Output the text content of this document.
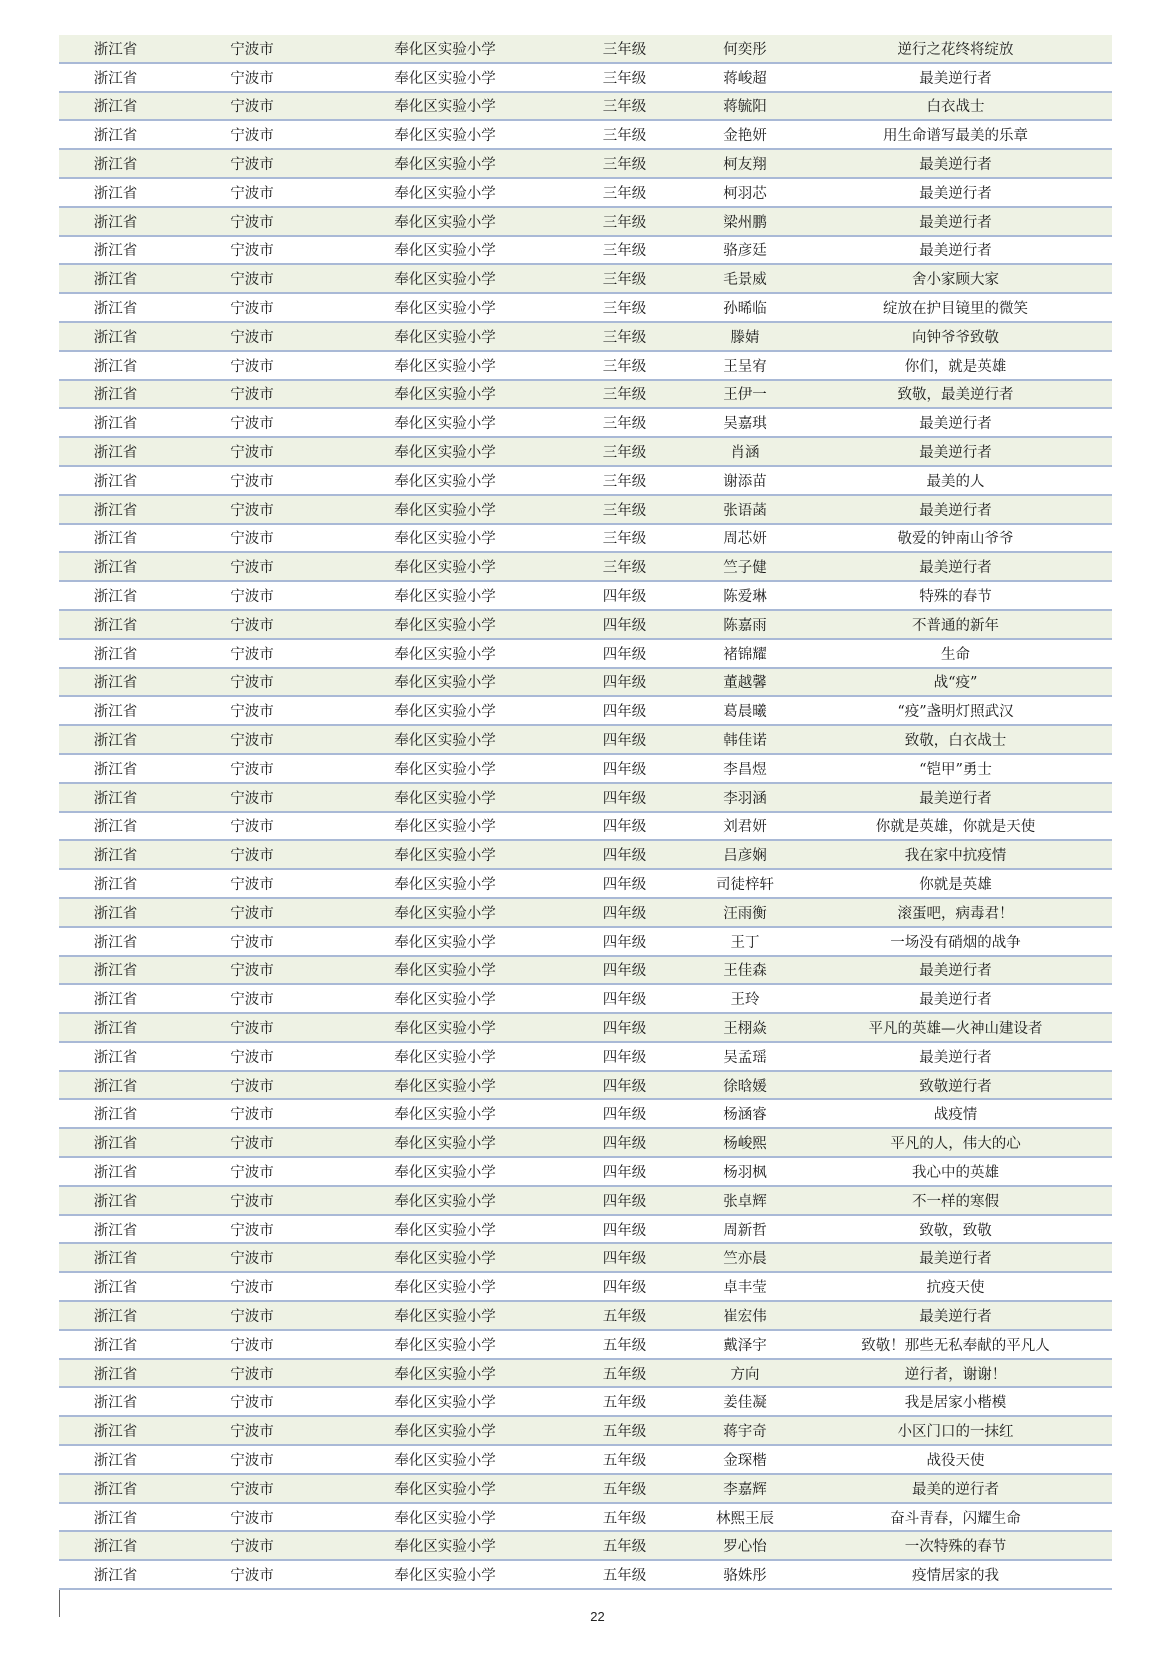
浙江省	宁波市	奉化区实验小学	三年级	何奕彤	逆行之花终将绽放
浙江省	宁波市	奉化区实验小学	三年级	蒋峻超	最美逆行者
浙江省	宁波市	奉化区实验小学	三年级	蒋毓阳	白衣战士
浙江省	宁波市	奉化区实验小学	三年级	金艳妍	用生命谱写最美的乐章
浙江省	宁波市	奉化区实验小学	三年级	柯友翔	最美逆行者
浙江省	宁波市	奉化区实验小学	三年级	柯羽芯	最美逆行者
浙江省	宁波市	奉化区实验小学	三年级	梁州鹏	最美逆行者
浙江省	宁波市	奉化区实验小学	三年级	骆彦廷	最美逆行者
浙江省	宁波市	奉化区实验小学	三年级	毛景威	舍小家顾大家
浙江省	宁波市	奉化区实验小学	三年级	孙晞临	绽放在护目镜里的微笑
浙江省	宁波市	奉化区实验小学	三年级	滕婧	向钟爷爷致敬
浙江省	宁波市	奉化区实验小学	三年级	王呈宥	你们，就是英雄
浙江省	宁波市	奉化区实验小学	三年级	王伊一	致敬，最美逆行者
浙江省	宁波市	奉化区实验小学	三年级	吴嘉琪	最美逆行者
浙江省	宁波市	奉化区实验小学	三年级	肖涵	最美逆行者
浙江省	宁波市	奉化区实验小学	三年级	谢添苗	最美的人
浙江省	宁波市	奉化区实验小学	三年级	张语菡	最美逆行者
浙江省	宁波市	奉化区实验小学	三年级	周芯妍	敬爱的钟南山爷爷
浙江省	宁波市	奉化区实验小学	三年级	竺子健	最美逆行者
浙江省	宁波市	奉化区实验小学	四年级	陈爱琳	特殊的春节
浙江省	宁波市	奉化区实验小学	四年级	陈嘉雨	不普通的新年
浙江省	宁波市	奉化区实验小学	四年级	褚锦耀	生命
浙江省	宁波市	奉化区实验小学	四年级	董越馨	战“疫”
浙江省	宁波市	奉化区实验小学	四年级	葛晨曦	“疫”盏明灯照武汉
浙江省	宁波市	奉化区实验小学	四年级	韩佳诺	致敬，白衣战士
浙江省	宁波市	奉化区实验小学	四年级	李昌煜	“铠甲”勇士
浙江省	宁波市	奉化区实验小学	四年级	李羽涵	最美逆行者
浙江省	宁波市	奉化区实验小学	四年级	刘君妍	你就是英雄，你就是天使
浙江省	宁波市	奉化区实验小学	四年级	吕彦娴	我在家中抗疫情
浙江省	宁波市	奉化区实验小学	四年级	司徒梓轩	你就是英雄
浙江省	宁波市	奉化区实验小学	四年级	汪雨衡	滚蛋吧，病毒君！
浙江省	宁波市	奉化区实验小学	四年级	王丁	一场没有硝烟的战争
浙江省	宁波市	奉化区实验小学	四年级	王佳森	最美逆行者
浙江省	宁波市	奉化区实验小学	四年级	王玲	最美逆行者
浙江省	宁波市	奉化区实验小学	四年级	王栩焱	平凡的英雄—火神山建设者
浙江省	宁波市	奉化区实验小学	四年级	吴孟瑶	最美逆行者
浙江省	宁波市	奉化区实验小学	四年级	徐晗媛	致敬逆行者
浙江省	宁波市	奉化区实验小学	四年级	杨涵睿	战疫情
浙江省	宁波市	奉化区实验小学	四年级	杨峻熙	平凡的人，伟大的心
浙江省	宁波市	奉化区实验小学	四年级	杨羽枫	我心中的英雄
浙江省	宁波市	奉化区实验小学	四年级	张卓辉	不一样的寒假
浙江省	宁波市	奉化区实验小学	四年级	周新哲	致敬，致敬
浙江省	宁波市	奉化区实验小学	四年级	竺亦晨	最美逆行者
浙江省	宁波市	奉化区实验小学	四年级	卓丰莹	抗疫天使
浙江省	宁波市	奉化区实验小学	五年级	崔宏伟	最美逆行者
浙江省	宁波市	奉化区实验小学	五年级	戴泽宇	致敬！那些无私奉献的平凡人
浙江省	宁波市	奉化区实验小学	五年级	方向	逆行者，谢谢！
浙江省	宁波市	奉化区实验小学	五年级	姜佳凝	我是居家小楷模
浙江省	宁波市	奉化区实验小学	五年级	蒋宇奇	小区门口的一抹红
浙江省	宁波市	奉化区实验小学	五年级	金琛楷	战役天使
浙江省	宁波市	奉化区实验小学	五年级	李嘉辉	最美的逆行者
浙江省	宁波市	奉化区实验小学	五年级	林熙王辰	奋斗青春，闪耀生命
浙江省	宁波市	奉化区实验小学	五年级	罗心怡	一次特殊的春节
浙江省	宁波市	奉化区实验小学	五年级	骆姝彤	疫情居家的我
22
